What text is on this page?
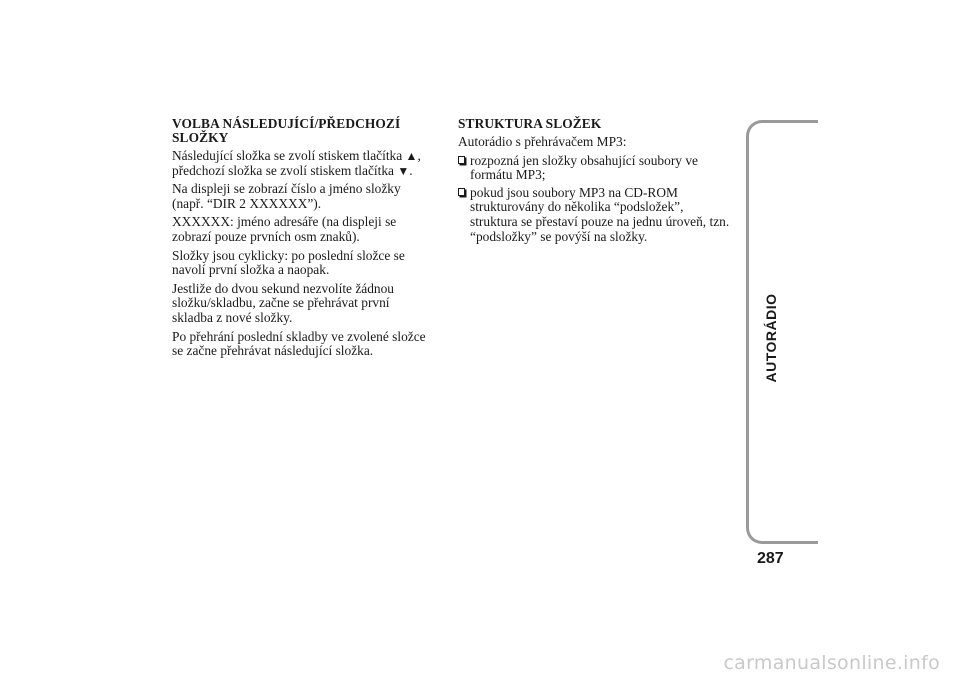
VOLBA NÁSLEDUJÍCÍ/PŘEDCHOZÍ
SLOŽKY

Následující složka se zvolí stiskem tlačítka ▲, předchozí složka se zvolí stiskem tlačítka ▼.

Na displeji se zobrazí číslo a jméno složky (např. “DIR 2 XXXXXX”).

XXXXXX: jméno adresáře (na displeji se zobrazí pouze prvních osm znaků).

Složky jsou cyklicky: po poslední složce se navolí první složka a naopak.

Jestliže do dvou sekund nezvolíte žádnou složku/skladbu, začne se přehrávat první skladba z nové složky.

Po přehrání poslední skladby ve zvolené složce se začne přehrávat následující složka.

STRUKTURA SLOŽEK

Autorádio s přehrávačem MP3:

rozpozná jen složky obsahující soubory ve formátu MP3;
pokud jsou soubory MP3 na CD-ROM strukturovány do několika “podsložek”, struktura se přestaví pouze na jednu úroveň, tzn. “podsložky” se povýší na složky.
AUTORÁDIO
287
carmanualsonline.info
